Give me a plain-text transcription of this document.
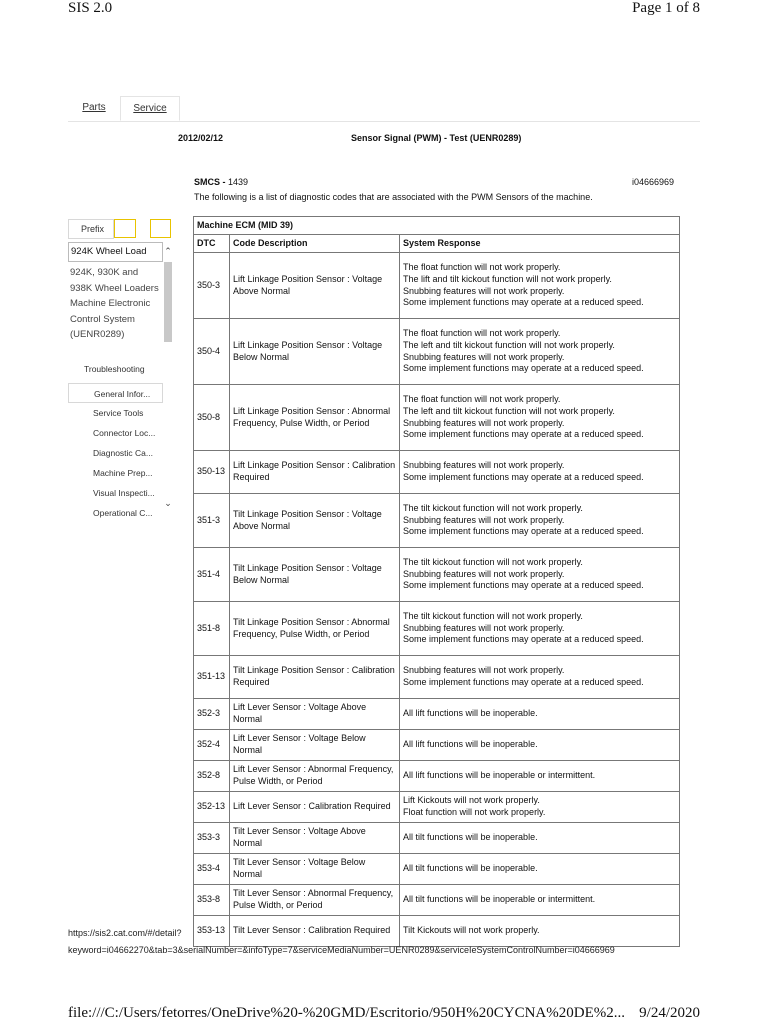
SIS 2.0	Page 1 of 8
Parts	Service
2012/02/12	Sensor Signal (PWM) - Test (UENR0289)
SMCS - 1439	i04666969
The following is a list of diagnostic codes that are associated with the PWM Sensors of the machine.
Prefix
924K Wheel Load	⌃
⌄
924K, 930K and 938K Wheel Loaders Machine Electronic Control System (UENR0289)
Troubleshooting
General Infor...
Service Tools
Connector Loc...
Diagnostic Ca...
Machine Prep...
Visual Inspecti...
Operational C...
Machine ECM (MID 39)		
DTC	Code Description	System Response
350-3	Lift Linkage Position Sensor : Voltage Above Normal	The float function will not work properly.
The lift and tilt kickout function will not work properly.
Snubbing features will not work properly.
Some implement functions may operate at a reduced speed.
350-4	Lift Linkage Position Sensor : Voltage Below Normal	The float function will not work properly.
The left and tilt kickout function will not work properly.
Snubbing features will not work properly.
Some implement functions may operate at a reduced speed.
350-8	Lift Linkage Position Sensor : Abnormal Frequency, Pulse Width, or Period	The float function will not work properly.
The left and tilt kickout function will not work properly.
Snubbing features will not work properly.
Some implement functions may operate at a reduced speed.
350-13	Lift Linkage Position Sensor : Calibration Required	Snubbing features will not work properly.
Some implement functions may operate at a reduced speed.
351-3	Tilt Linkage Position Sensor : Voltage Above Normal	The tilt kickout function will not work properly.
Snubbing features will not work properly.
Some implement functions may operate at a reduced speed.
351-4	Tilt Linkage Position Sensor : Voltage Below Normal	The tilt kickout function will not work properly.
Snubbing features will not work properly.
Some implement functions may operate at a reduced speed.
351-8	Tilt Linkage Position Sensor : Abnormal Frequency, Pulse Width, or Period	The tilt kickout function will not work properly.
Snubbing features will not work properly.
Some implement functions may operate at a reduced speed.
351-13	Tilt Linkage Position Sensor : Calibration Required	Snubbing features will not work properly.
Some implement functions may operate at a reduced speed.
352-3	Lift Lever Sensor : Voltage Above Normal	All lift functions will be inoperable.
352-4	Lift Lever Sensor : Voltage Below Normal	All lift functions will be inoperable.
352-8	Lift Lever Sensor : Abnormal Frequency, Pulse Width, or Period	All lift functions will be inoperable or intermittent.
352-13	Lift Lever Sensor : Calibration Required	Lift Kickouts will not work properly.
Float function will not work properly.
353-3	Tilt Lever Sensor : Voltage Above Normal	All tilt functions will be inoperable.
353-4	Tilt Lever Sensor : Voltage Below Normal	All tilt functions will be inoperable.
353-8	Tilt Lever Sensor : Abnormal Frequency, Pulse Width, or Period	All tilt functions will be inoperable or intermittent.
353-13	Tilt Lever Sensor : Calibration Required	Tilt Kickouts will not work properly.
https://sis2.cat.com/#/detail?
keyword=i04662270&tab=3&serialNumber=&infoType=7&serviceMediaNumber=UENR0289&serviceIeSystemControlNumber=i04666969
file:///C:/Users/fetorres/OneDrive%20-%20GMD/Escritorio/950H%20CYCNA%20DE%2... 9/24/2020
